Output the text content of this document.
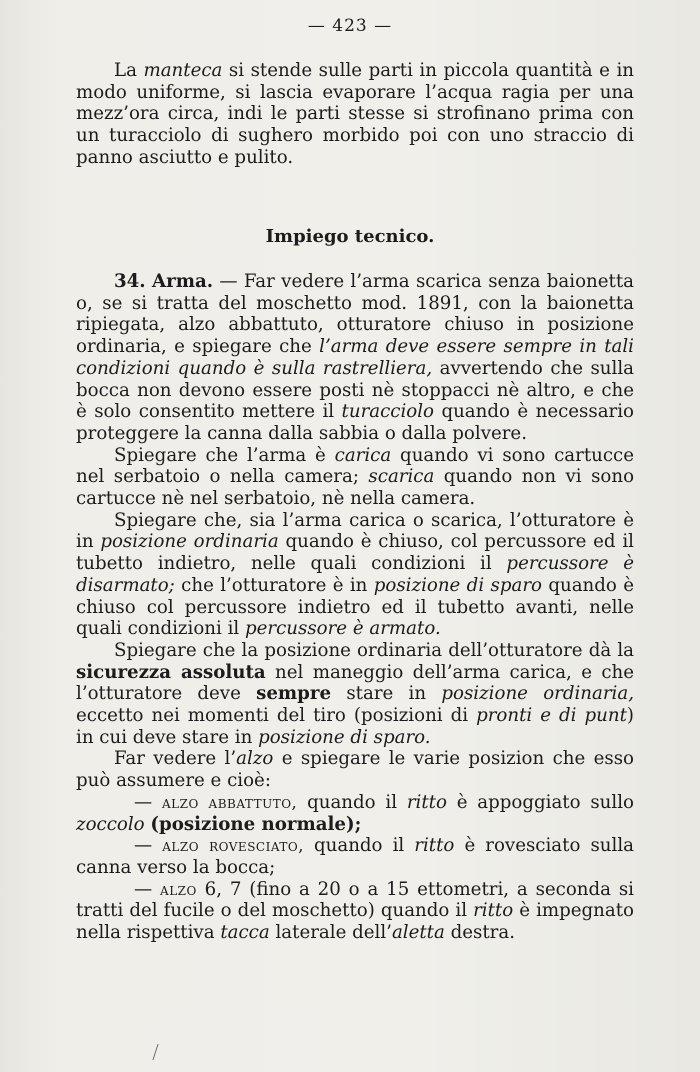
— 423 —

La manteca si stende sulle parti in piccola quantità e in modo uniforme, si lascia evaporare l’acqua ragia per una mezz’ora circa, indi le parti stesse si strofinano prima con un turacciolo di sughero morbido poi con uno straccio di panno asciutto e pulito.

Impiego tecnico.

34. Arma. — Far vedere l’arma scarica senza baionetta o, se si tratta del moschetto mod. 1891, con la baionetta ripiegata, alzo abbattuto, otturatore chiuso in posizione ordinaria, e spiegare che l’arma deve essere sempre in tali condizioni quando è sulla rastrelliera, avvertendo che sulla bocca non devono essere posti nè stoppacci nè altro, e che è solo consentito mettere il turacciolo quando è necessario proteggere la canna dalla sabbia o dalla polvere.

Spiegare che l’arma è carica quando vi sono cartucce nel serbatoio o nella camera; scarica quando non vi sono cartucce nè nel serbatoio, nè nella camera.

Spiegare che, sia l’arma carica o scarica, l’otturatore è in posizione ordinaria quando è chiuso, col percussore ed il tubetto indietro, nelle quali condizioni il percussore è disarmato; che l’otturatore è in posizione di sparo quando è chiuso col percussore indietro ed il tubetto avanti, nelle quali condizioni il percussore è armato.

Spiegare che la posizione ordinaria dell’otturatore dà la sicurezza assoluta nel maneggio dell’arma carica, e che l’otturatore deve sempre stare in posizione ordinaria, eccetto nei momenti del tiro (posizioni di pronti e di punt) in cui deve stare in posizione di sparo.

Far vedere l’alzo e spiegare le varie posizion che esso può assumere e cioè:

— alzo abbattuto, quando il ritto è appoggiato sullo zoccolo (posizione normale);

— alzo rovesciato, quando il ritto è rovesciato sulla canna verso la bocca;

— alzo 6, 7 (fino a 20 o a 15 ettometri, a seconda si tratti del fucile o del moschetto) quando il ritto è impegnato nella rispettiva tacca laterale dell’aletta destra.
